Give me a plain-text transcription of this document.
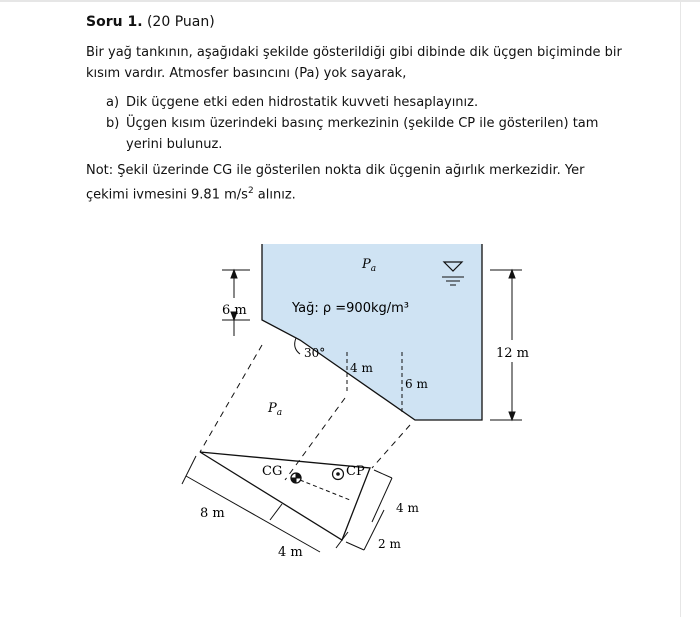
Soru 1. (20 Puan)
Bir yağ tankının, aşağıdaki şekilde gösterildiği gibi dibinde dik üçgen biçiminde bir
kısım vardır. Atmosfer basıncını (Pa) yok sayarak,
a) Dik üçgene etki eden hidrostatik kuvveti hesaplayınız.
b) Üçgen kısım üzerindeki basınç merkezinin (şekilde CP ile gösterilen) tam
yerini bulunuz.
Not: Şekil üzerinde CG ile gösterilen nokta dik üçgenin ağırlık merkezidir. Yer
çekimi ivmesini 9.81 $m/s^2$ alınız.
6 m
12 m
$P_a$
Yağ: ρ =900kg/m³
30°
4 m
6 m
$P_a$
CG	CP
8 m
4 m
4 m
2 m
